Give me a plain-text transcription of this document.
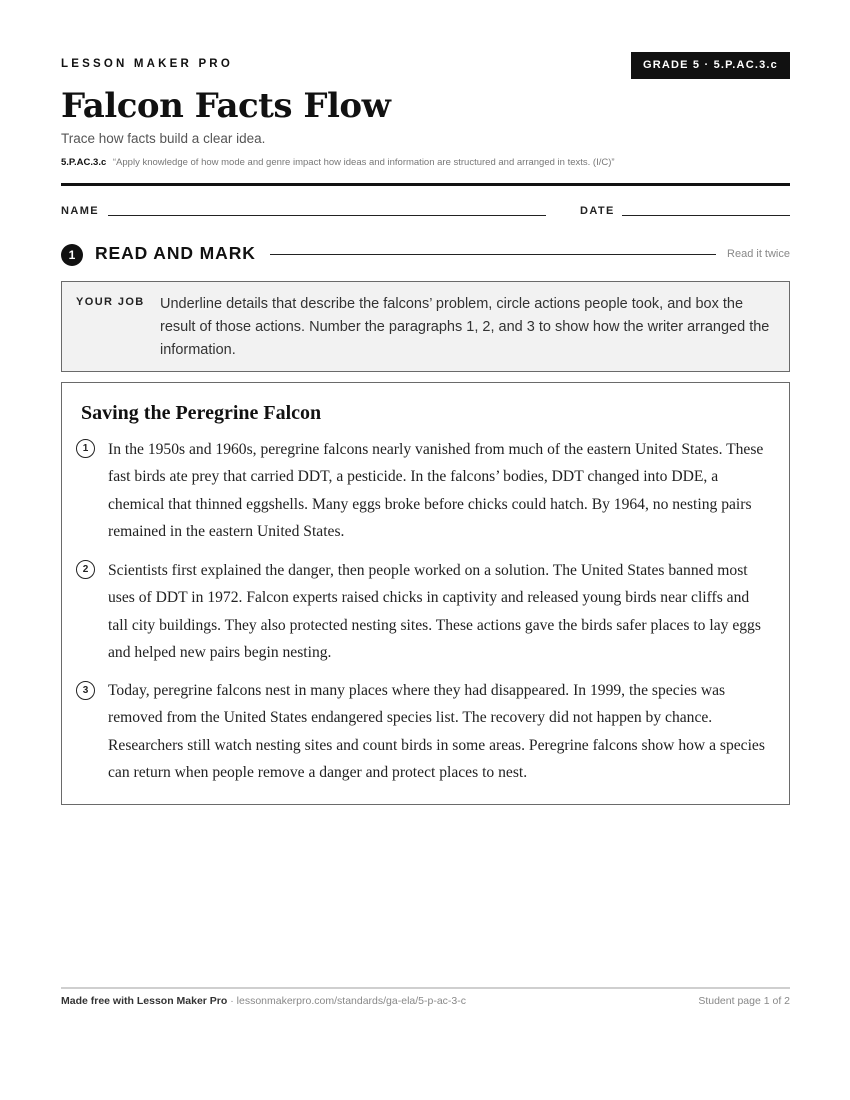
LESSON MAKER PRO	GRADE 5 · 5.P.AC.3.c
Falcon Facts Flow
Trace how facts build a clear idea.
5.P.AC.3.c “Apply knowledge of how mode and genre impact how ideas and information are structured and arranged in texts. (I/C)”
NAME	DATE
1	READ AND MARK	Read it twice
YOUR JOB Underline details that describe the falcons’ problem, circle actions people took, and box the result of those actions. Number the paragraphs 1, 2, and 3 to show how the writer arranged the information.
Saving the Peregrine Falcon
1	In the 1950s and 1960s, peregrine falcons nearly vanished from much of the eastern United States. These fast birds ate prey that carried DDT, a pesticide. In the falcons’ bodies, DDT changed into DDE, a chemical that thinned eggshells. Many eggs broke before chicks could hatch. By 1964, no nesting pairs remained in the eastern United States.

2	Scientists first explained the danger, then people worked on a solution. The United States banned most uses of DDT in 1972. Falcon experts raised chicks in captivity and released young birds near cliffs and tall city buildings. They also protected nesting sites. These actions gave the birds safer places to lay eggs and helped new pairs begin nesting.

3	Today, peregrine falcons nest in many places where they had disappeared. In 1999, the species was removed from the United States endangered species list. The recovery did not happen by chance. Researchers still watch nesting sites and count birds in some areas. Peregrine falcons show how a species can return when people remove a danger and protect places to nest.

Made free with Lesson Maker Pro · lessonmakerpro.com/standards/ga-ela/5-p-ac-3-c	Student page 1 of 2
